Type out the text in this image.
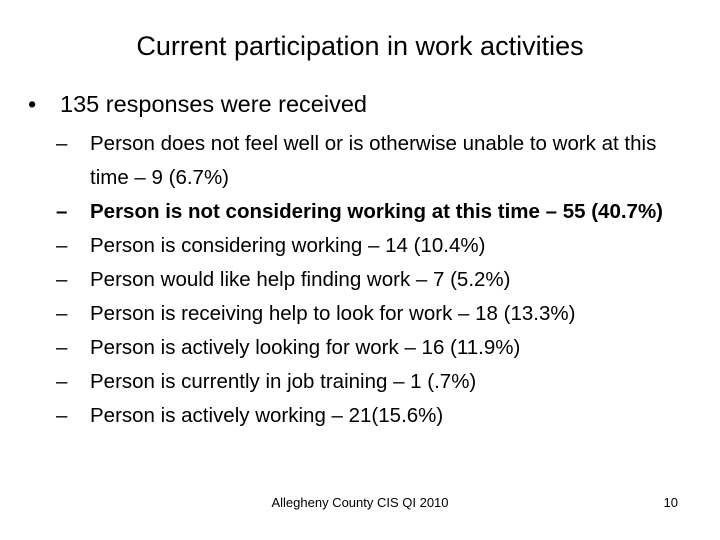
Current participation in work activities
• 135 responses were received
–	Person does not feel well or is otherwise unable to work at this time – 9 (6.7%)
–	Person is not considering working at this time – 55 (40.7%)
–	Person is considering working – 14 (10.4%)
–	Person would like help finding work – 7 (5.2%)
–	Person is receiving help to look for work – 18 (13.3%)
–	Person is actively looking for work – 16 (11.9%)
–	Person is currently in job training – 1 (.7%)
–	Person is actively working – 21(15.6%)
Allegheny County CIS QI 2010	10
